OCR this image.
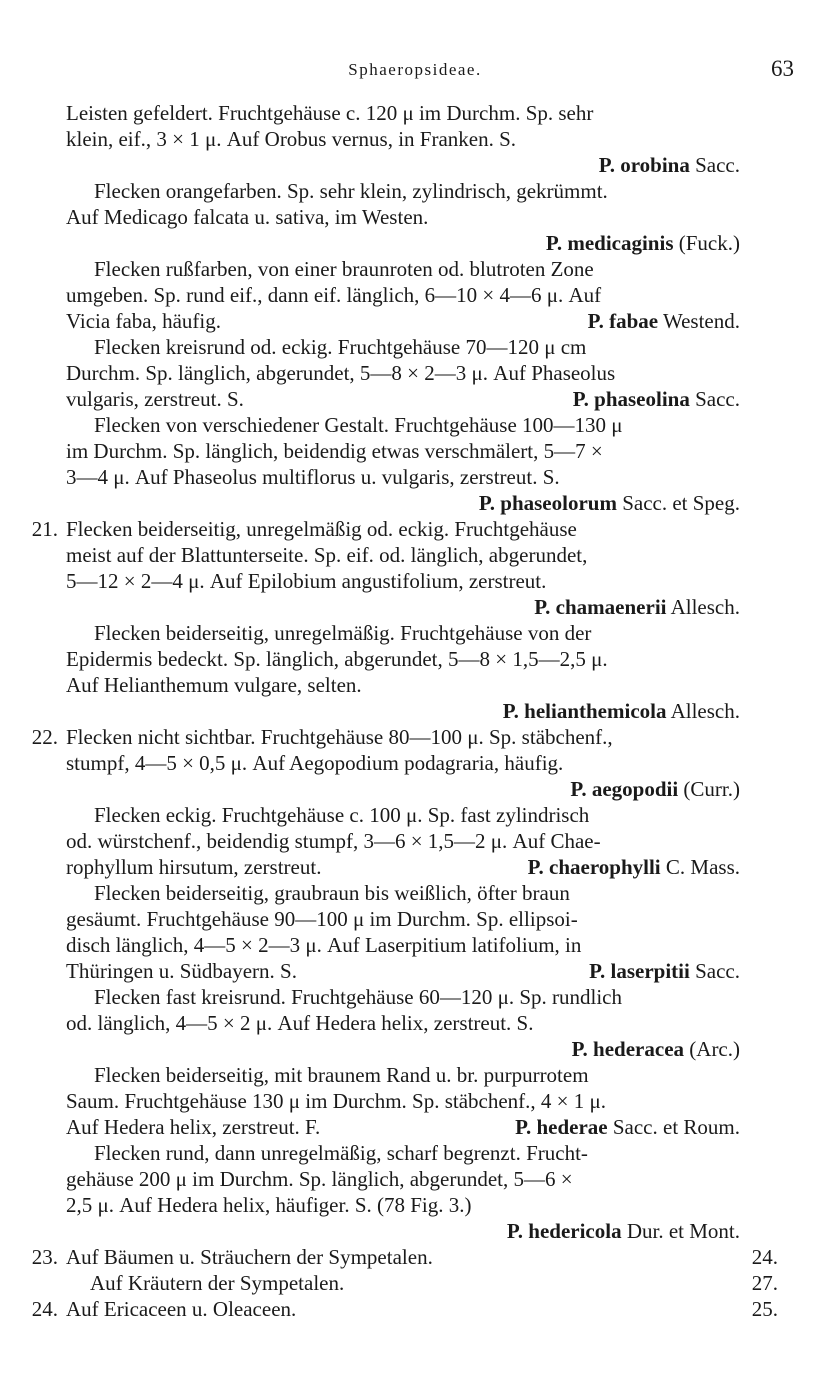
Sphaeropsideae.	63
Leisten gefeldert. Fruchtgehäuse c. 120 μ im Durchm. Sp. sehr
klein, eif., 3 × 1 μ. Auf Orobus vernus, in Franken. S.
P. orobina Sacc.
Flecken orangefarben. Sp. sehr klein, zylindrisch, gekrümmt.
Auf Medicago falcata u. sativa, im Westen.
P. medicaginis (Fuck.)
Flecken rußfarben, von einer braunroten od. blutroten Zone
umgeben. Sp. rund eif., dann eif. länglich, 6—10 × 4—6 μ. Auf
Vicia faba, häufig.	P. fabae Westend.
Flecken kreisrund od. eckig. Fruchtgehäuse 70—120 μ cm
Durchm. Sp. länglich, abgerundet, 5—8 × 2—3 μ. Auf Phaseolus
vulgaris, zerstreut. S.	P. phaseolina Sacc.
Flecken von verschiedener Gestalt. Fruchtgehäuse 100—130 μ
im Durchm. Sp. länglich, beidendig etwas verschmälert, 5—7 ×
3—4 μ. Auf Phaseolus multiflorus u. vulgaris, zerstreut. S.
P. phaseolorum Sacc. et Speg.
21. Flecken beiderseitig, unregelmäßig od. eckig. Fruchtgehäuse
meist auf der Blattunterseite. Sp. eif. od. länglich, abgerundet,
5—12 × 2—4 μ. Auf Epilobium angustifolium, zerstreut.
P. chamaenerii Allesch.
Flecken beiderseitig, unregelmäßig. Fruchtgehäuse von der
Epidermis bedeckt. Sp. länglich, abgerundet, 5—8 × 1,5—2,5 μ.
Auf Helianthemum vulgare, selten.
P. helianthemicola Allesch.
22. Flecken nicht sichtbar. Fruchtgehäuse 80—100 μ. Sp. stäbchenf.,
stumpf, 4—5 × 0,5 μ. Auf Aegopodium podagraria, häufig.
P. aegopodii (Curr.)
Flecken eckig. Fruchtgehäuse c. 100 μ. Sp. fast zylindrisch
od. würstchenf., beidendig stumpf, 3—6 × 1,5—2 μ. Auf Chae-
rophyllum hirsutum, zerstreut.	P. chaerophylli C. Mass.
Flecken beiderseitig, graubraun bis weißlich, öfter braun
gesäumt. Fruchtgehäuse 90—100 μ im Durchm. Sp. ellipsoi-
disch länglich, 4—5 × 2—3 μ. Auf Laserpitium latifolium, in
Thüringen u. Südbayern. S.	P. laserpitii Sacc.
Flecken fast kreisrund. Fruchtgehäuse 60—120 μ. Sp. rundlich
od. länglich, 4—5 × 2 μ. Auf Hedera helix, zerstreut. S.
P. hederacea (Arc.)
Flecken beiderseitig, mit braunem Rand u. br. purpurrotem
Saum. Fruchtgehäuse 130 μ im Durchm. Sp. stäbchenf., 4 × 1 μ.
Auf Hedera helix, zerstreut. F.	P. hederae Sacc. et Roum.
Flecken rund, dann unregelmäßig, scharf begrenzt. Frucht-
gehäuse 200 μ im Durchm. Sp. länglich, abgerundet, 5—6 ×
2,5 μ. Auf Hedera helix, häufiger. S. (78 Fig. 3.)
P. hedericola Dur. et Mont.
23. Auf Bäumen u. Sträuchern der Sympetalen.	24.
Auf Kräutern der Sympetalen.	27.
24. Auf Ericaceen u. Oleaceen.	25.
